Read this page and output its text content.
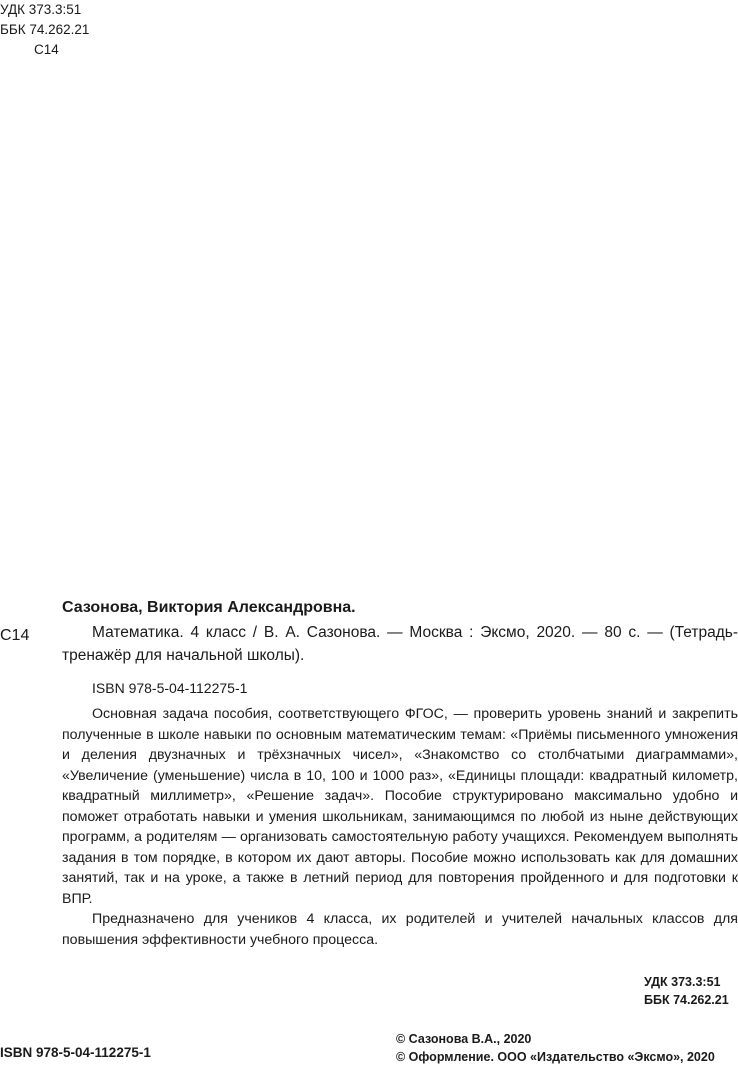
УДК 373.3:51
ББК 74.262.21
С14
Сазонова, Виктория Александровна.
С14	Математика. 4 класс / В. А. Сазонова. — Москва : Эксмо, 2020. — 80 с. — (Тетрадь-тренажёр для начальной школы).

ISBN 978-5-04-112275-1

Основная задача пособия, соответствующего ФГОС, — проверить уровень знаний и закрепить полученные в школе навыки по основным математическим темам: «Приёмы письменного умножения и деления двузначных и трёхзначных чисел», «Знакомство со столбчатыми диаграммами», «Увеличение (уменьшение) числа в 10, 100 и 1000 раз», «Единицы площади: квадратный километр, квадратный миллиметр», «Решение задач». Пособие структурировано максимально удобно и поможет отработать навыки и умения школьникам, занимающимся по любой из ныне действующих программ, а родителям — организовать самостоятельную работу учащихся. Рекомендуем выполнять задания в том порядке, в котором их дают авторы. Пособие можно использовать как для домашних занятий, так и на уроке, а также в летний период для повторения пройденного и для подготовки к ВПР.

Предназначено для учеников 4 класса, их родителей и учителей начальных классов для повышения эффективности учебного процесса.

УДК 373.3:51
ББК 74.262.21
ISBN 978-5-04-112275-1
© Сазонова В.А., 2020
© Оформление. ООО «Издательство «Эксмо», 2020
